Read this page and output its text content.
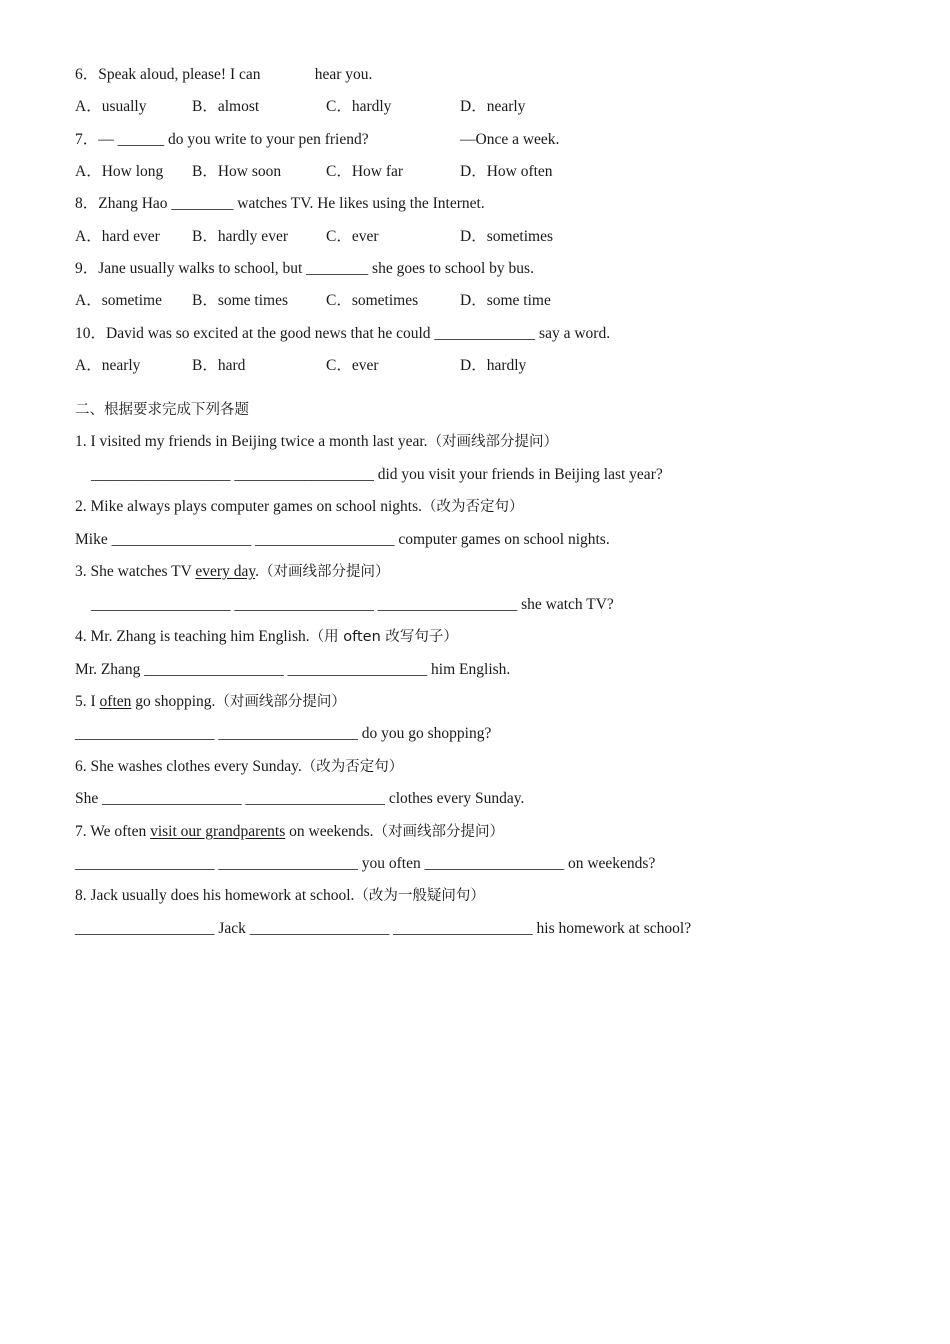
6．Speak aloud, please! I can              hear you.
A．usually	B．almost	C．hardly	D．nearly
7．— ______ do you write to your pen friend?	—Once a week.
A．How long B．How soon	C．How far	D．How often
8．Zhang Hao ________ watches TV. He likes using the Internet.
A．hard ever B．hardly ever C．ever	D．sometimes
9．Jane usually walks to school, but ________ she goes to school by bus.
A．sometime B．some times C．sometimes	D．some time
10．David was so excited at the good news that he could _____________ say a word.
A．nearly	B．hard	C．ever	D．hardly
二、根据要求完成下列各题
1. I visited my friends in Beijing twice a month last year.（对画线部分提问）
__________________ __________________ did you visit your friends in Beijing last year?
2. Mike always plays computer games on school nights.（改为否定句）
Mike __________________ __________________ computer games on school nights.
3. She watches TV every day.（对画线部分提问）
__________________ __________________ __________________ she watch TV?
4. Mr. Zhang is teaching him English.（用 often 改写句子）
Mr. Zhang __________________ __________________ him English.
5. I often go shopping.（对画线部分提问）
__________________ __________________ do you go shopping?
6. She washes clothes every Sunday.（改为否定句）
She __________________ __________________ clothes every Sunday.
7. We often visit our grandparents on weekends.（对画线部分提问）
__________________ __________________ you often __________________ on weekends?
8. Jack usually does his homework at school.（改为一般疑问句）
__________________ Jack __________________ __________________ his homework at school?
